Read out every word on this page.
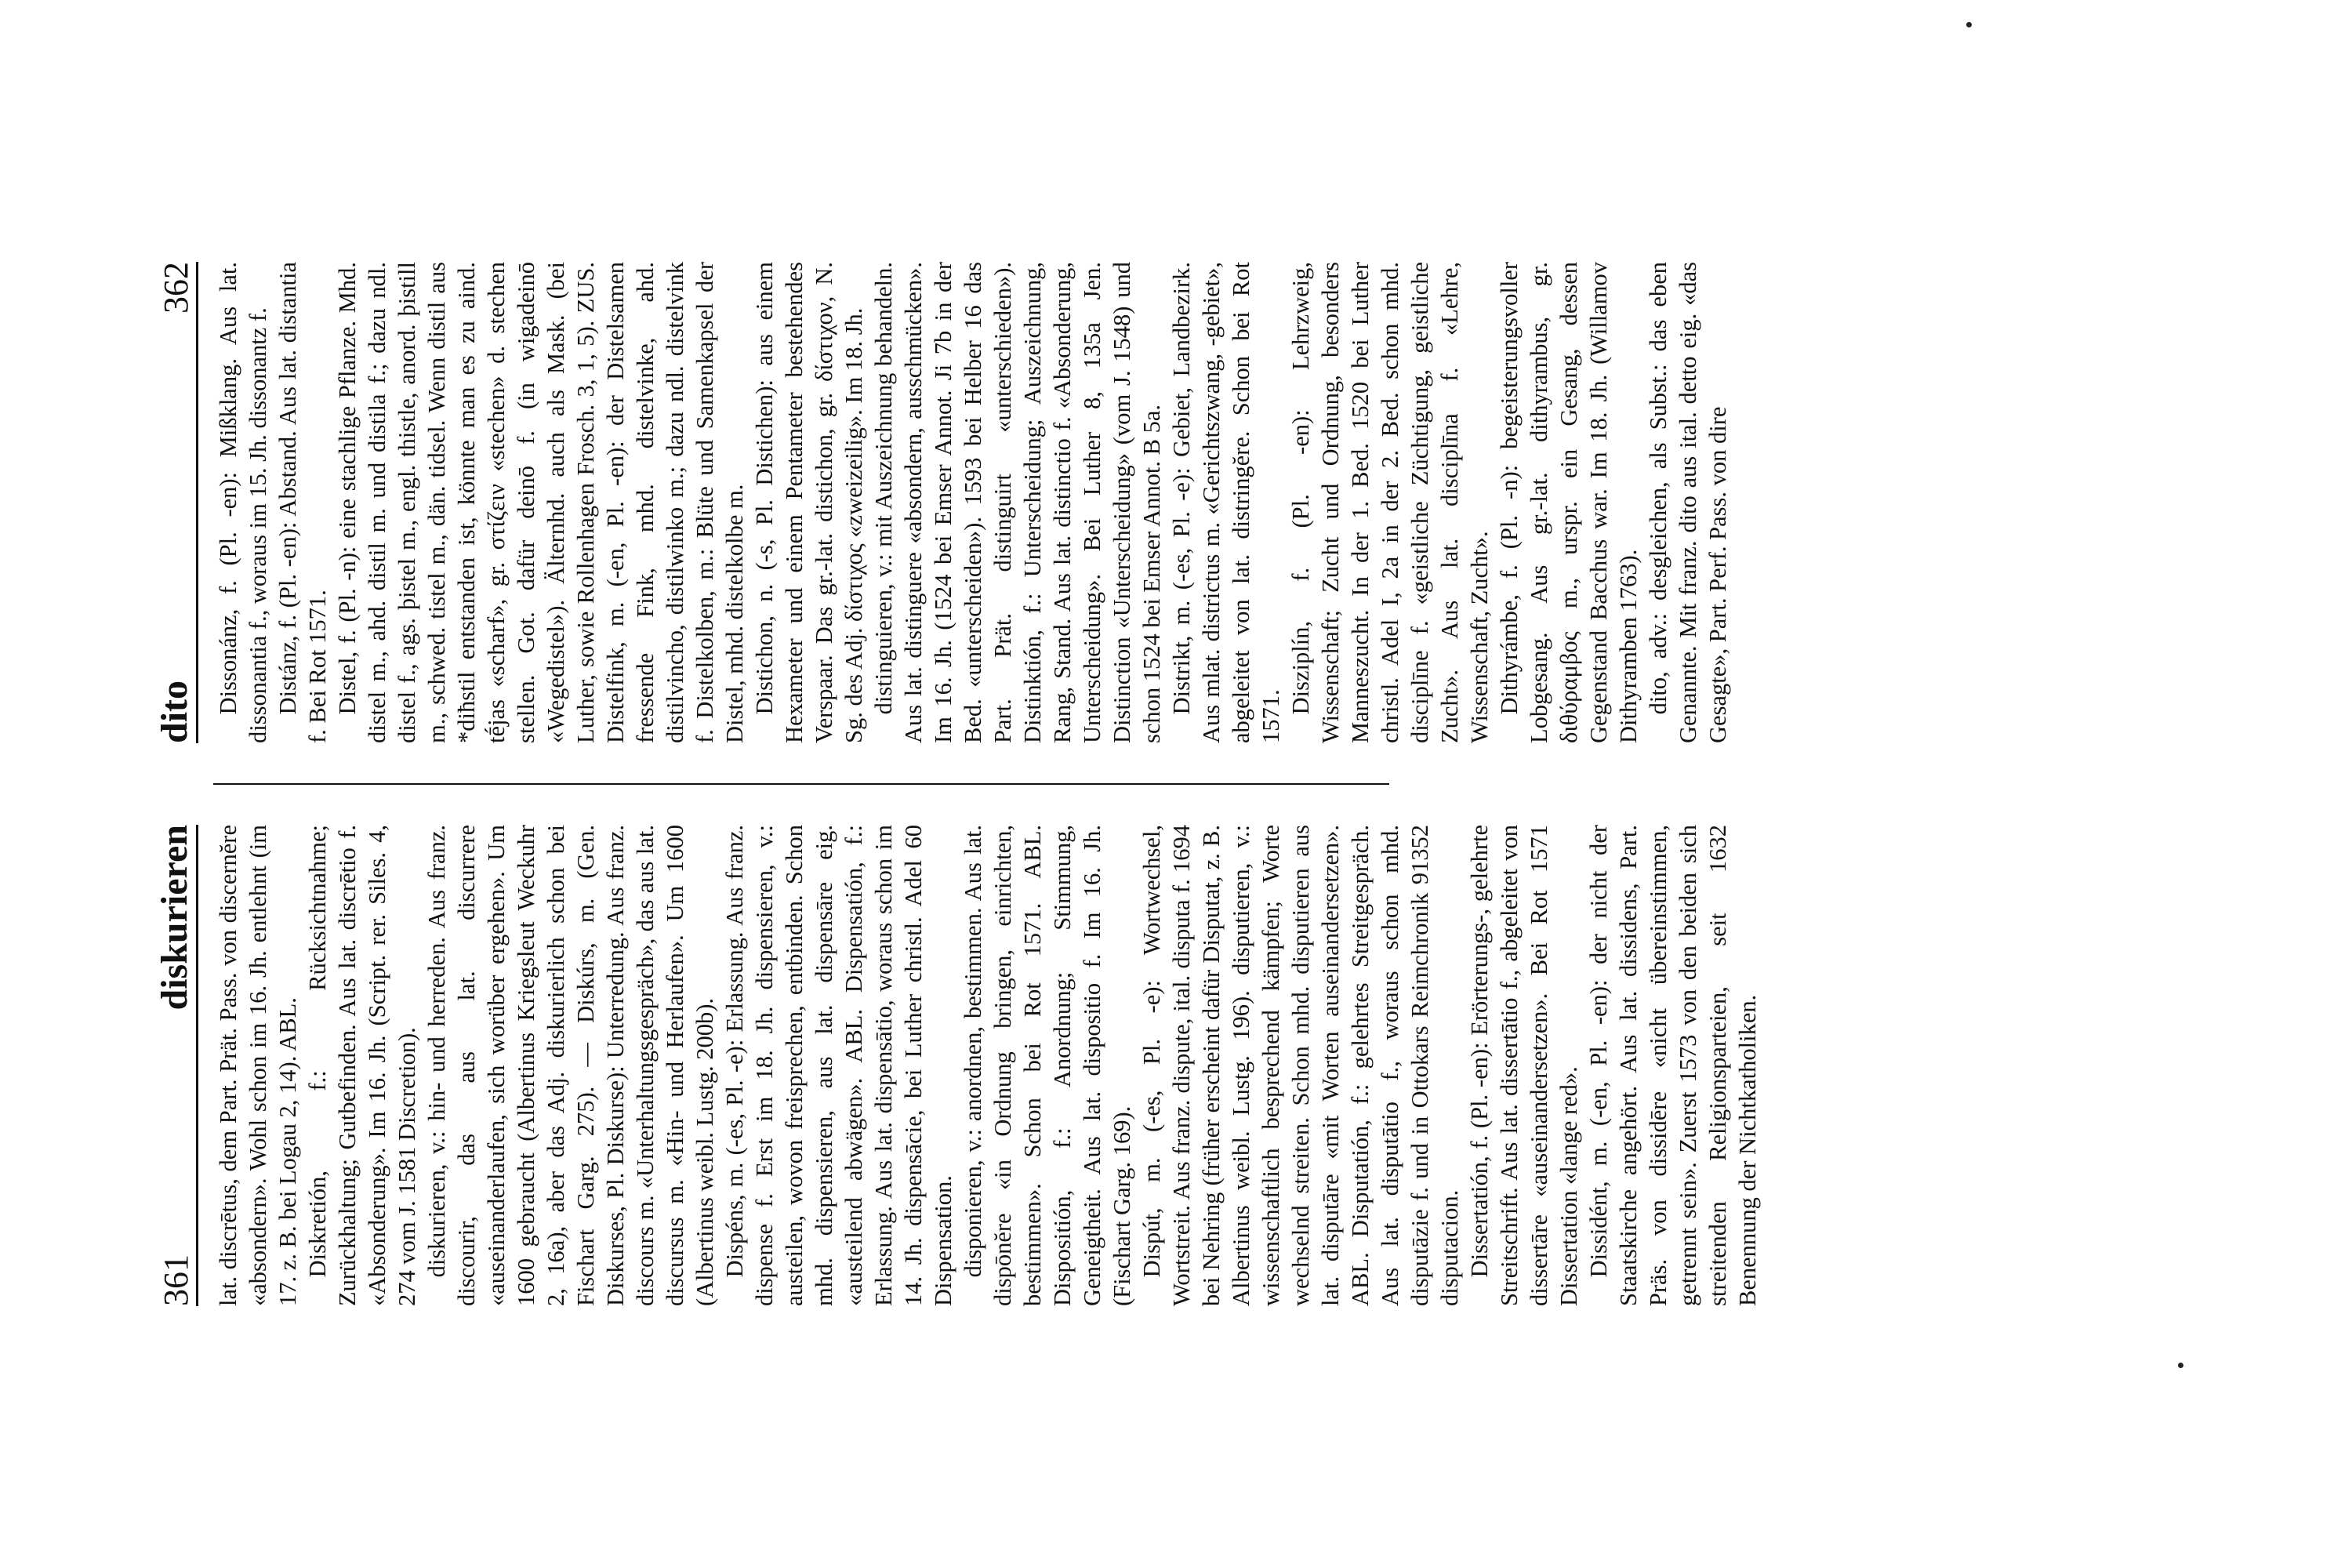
361
diskurieren lat. discrētus, dem Part. Prät. Pass. von discernĕre «absondern». Wohl schon im 16. Jh. entlehnt (im 17. z. B. bei Logau 2, 14). ABL. Diskretión, f.: Rücksichtnahme; Zurückhaltung; Gutbefinden. Aus lat. discrētio f. «Absonderung». Im 16. Jh. (Script. rer. Siles. 4, 274 vom J. 1581 Discretion). diskurieren, v.: hin- und herreden. Aus franz. discourir, das aus lat. discurrere «auseinanderlaufen, sich worüber ergehen». Um 1600 gebraucht (Albertinus Kriegsleut Weckuhr 2, 16a), aber das Adj. diskurierlich schon bei Fischart Garg. 275). — Diskúrs, m. (Gen. Diskurses, Pl. Diskurse): Unterredung. Aus franz. discours m. «Unterhaltungsgespräch», das aus lat. discursus m. «Hin- und Herlaufen». Um 1600 (Albertinus weibl. Lustg. 200b). Dispéns, m. (-es, Pl. -e): Erlassung. Aus franz. dispense f. Erst im 18. Jh. dispensieren, v.: austeilen, wovon freisprechen, entbinden. Schon mhd. dispensieren, aus lat. dispensāre eig. «austeilend abwägen». ABL. Dispensatión, f.: Erlassung. Aus lat. dispensātio, woraus schon im 14. Jh. dispensācie, bei Luther christl. Adel 60 Dispensation. disponieren, v.: anordnen, bestimmen. Aus lat. dispōnĕre «in Ordnung bringen, einrichten, bestimmen». Schon bei Rot 1571. ABL. Dispositión, f.: Anordnung; Stimmung, Geneigtheit. Aus lat. dispositio f. Im 16. Jh. (Fischart Garg. 169). Dispút, m. (-es, Pl. -e): Wortwechsel, Wortstreit. Aus franz. dispute, ital. disputa f. 1694 bei Nehring (früher erscheint dafür Disputat, z. B. Albertinus weibl. Lustg. 196). disputieren, v.: wissenschaftlich besprechend kämpfen; Worte wechselnd streiten. Schon mhd. disputieren aus lat. disputāre «mit Worten auseinandersetzen». ABL. Disputatión, f.: gelehrtes Streitgespräch. Aus lat. disputātio f., woraus schon mhd. disputāzie f. und in Ottokars Reimchronik 91352 disputacion. Dissertatión, f. (Pl. -en): Erörterungs-, gelehrte Streitschrift. Aus lat. dissertātio f., abgeleitet von dissertāre «auseinandersetzen». Bei Rot 1571 Dissertation «lange red». Dissidént, m. (-en, Pl. -en): der nicht der Staatskirche angehört. Aus lat. dissidens, Part. Präs. von dissidēre «nicht übereinstimmen, getrennt sein». Zuerst 1573 von den beiden sich streitenden Religionsparteien, seit 1632 Benennung der Nichtkatholiken.

dito
362 Dissonánz, f. (Pl. -en): Mißklang. Aus lat. dissonantia f., woraus im 15. Jh. dissonantz f. Distánz, f. (Pl. -en): Abstand. Aus lat. distantia f. Bei Rot 1571. Distel, f. (Pl. -n): eine stachlige Pflanze. Mhd. distel m., ahd. distil m. und distila f.; dazu ndl. distel f., ags. þistel m., engl. thistle, anord. þistill m., schwed. tistel m., dän. tidsel. Wenn distil aus *diħstil entstanden ist, könnte man es zu aind. tḗjas «scharf», gr. στίζειν «stechen» d. stechen stellen. Got. dafür deinō f. (in wigadeinō «Wegedistel»). Älternhd. auch als Mask. (bei Luther, sowie Rollenhagen Frosch. 3, 1, 5). ZUS. Distelfink, m. (-en, Pl. -en): der Distelsamen fressende Fink, mhd. distelvinke, ahd. distilvincho, distilwinko m.; dazu ndl. distelvink f. Distelkolben, m.: Blüte und Samenkapsel der Distel, mhd. distelkolbe m. Distichon, n. (-s, Pl. Distichen): aus einem Hexameter und einem Pentameter bestehendes Verspaar. Das gr.-lat. distichon, gr. δίστιχον, N. Sg. des Adj. δίστιχος «zweizeilig». Im 18. Jh. distinguieren, v.: mit Auszeichnung behandeln. Aus lat. distinguere «absondern, ausschmücken». Im 16. Jh. (1524 bei Emser Annot. Ji 7b in der Bed. «unterscheiden»). 1593 bei Helber 16 das Part. Prät. distinguirt «unterschieden»). Distinktión, f.: Unterscheidung; Auszeichnung, Rang, Stand. Aus lat. distinctio f. «Absonderung, Unterscheidung». Bei Luther 8, 135a Jen. Distinction «Unterscheidung» (vom J. 1548) und schon 1524 bei Emser Annot. B 5a. Distrikt, m. (-es, Pl. -e): Gebiet, Landbezirk. Aus mlat. districtus m. «Gerichtszwang, -gebiet», abgeleitet von lat. distringĕre. Schon bei Rot 1571.

Disziplín, f. (Pl. -en): Lehrzweig, Wissenschaft; Zucht und Ordnung, besonders Manneszucht. In der 1. Bed. 1520 bei Luther christl. Adel I, 2a in der 2. Bed. schon mhd. disciplīne f. «geistliche Züchtigung, geistliche Zucht». Aus lat. disciplīna f. «Lehre, Wissenschaft, Zucht». Dithyrámbe, f. (Pl. -n): begeisterungsvoller Lobgesang. Aus gr.-lat. dithyrambus, gr. διθύραμβος m., urspr. ein Gesang, dessen Gegenstand Bacchus war. Im 18. Jh. (Willamov Dithyramben 1763). dito, adv.: desgleichen, als Subst.: das eben Genannte. Mit franz. dito aus ital. detto eig. «das Gesagte», Part. Perf. Pass. von dire
